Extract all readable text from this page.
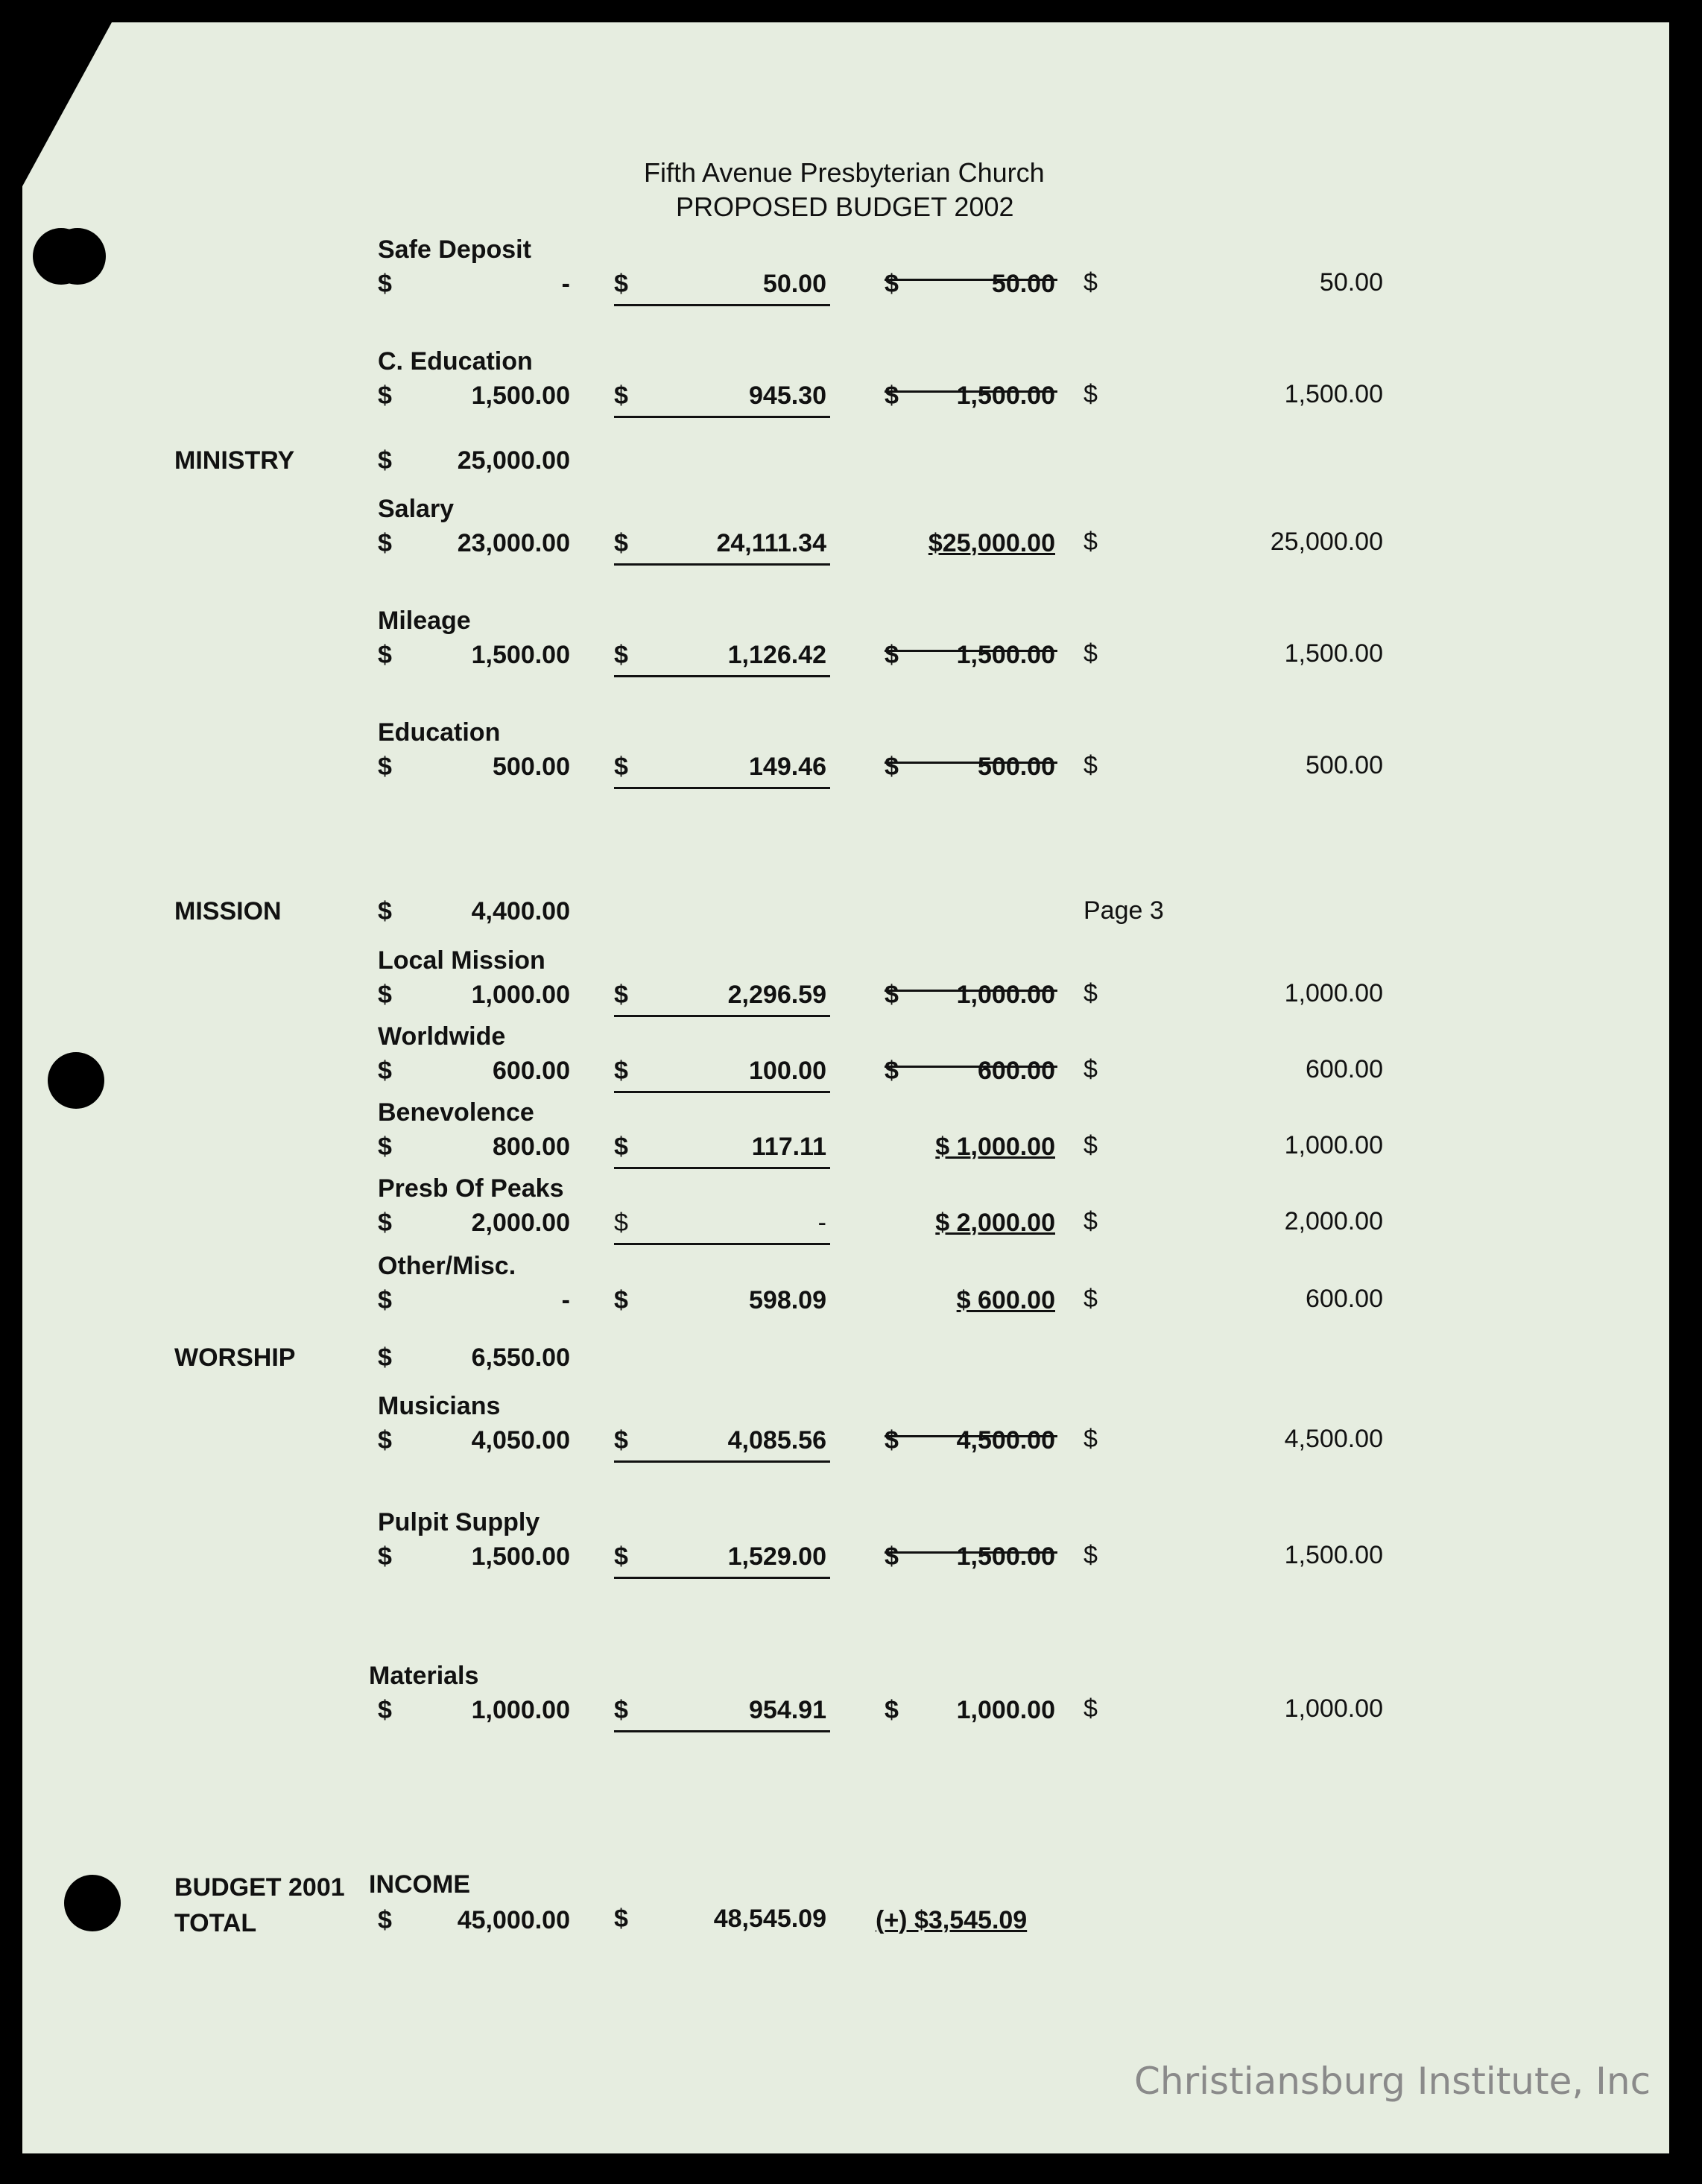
Fifth Avenue Presbyterian Church
PROPOSED BUDGET 2002
Page 3
MINISTRY	$	25,000.00
MISSION	$	4,400.00
WORSHIP	$	6,550.00
Safe Deposit
$	- $	50.00 $	50.00 $	50.00
C. Education
$	1,500.00 $	945.30 $	1,500.00 $	1,500.00
Salary
$	23,000.00 $	24,111.34	$25,000.00 $	25,000.00
Mileage
$	1,500.00 $	1,126.42 $	1,500.00 $	1,500.00
Education
$	500.00 $	149.46 $	500.00 $	500.00
Local Mission
$	1,000.00 $	2,296.59 $	1,000.00 $	1,000.00
Worldwide
$	600.00 $	100.00 $	600.00 $	600.00
Benevolence
$	800.00 $	117.11	$ 1,000.00 $	1,000.00
Presb Of Peaks
$	2,000.00 $	-	$ 2,000.00 $	2,000.00
Other/Misc.
$	- $	598.09	$ 600.00 $	600.00
Musicians
$	4,050.00 $	4,085.56 $	4,500.00 $	4,500.00
Pulpit Supply
$	1,500.00 $	1,529.00 $	1,500.00 $	1,500.00
Materials
$	1,000.00 $	954.91 $	1,000.00 $	1,000.00
BUDGET 2001
TOTAL
INCOME
$	45,000.00 $	48,545.09 (+) $3,545.09
Christiansburg Institute, Inc
